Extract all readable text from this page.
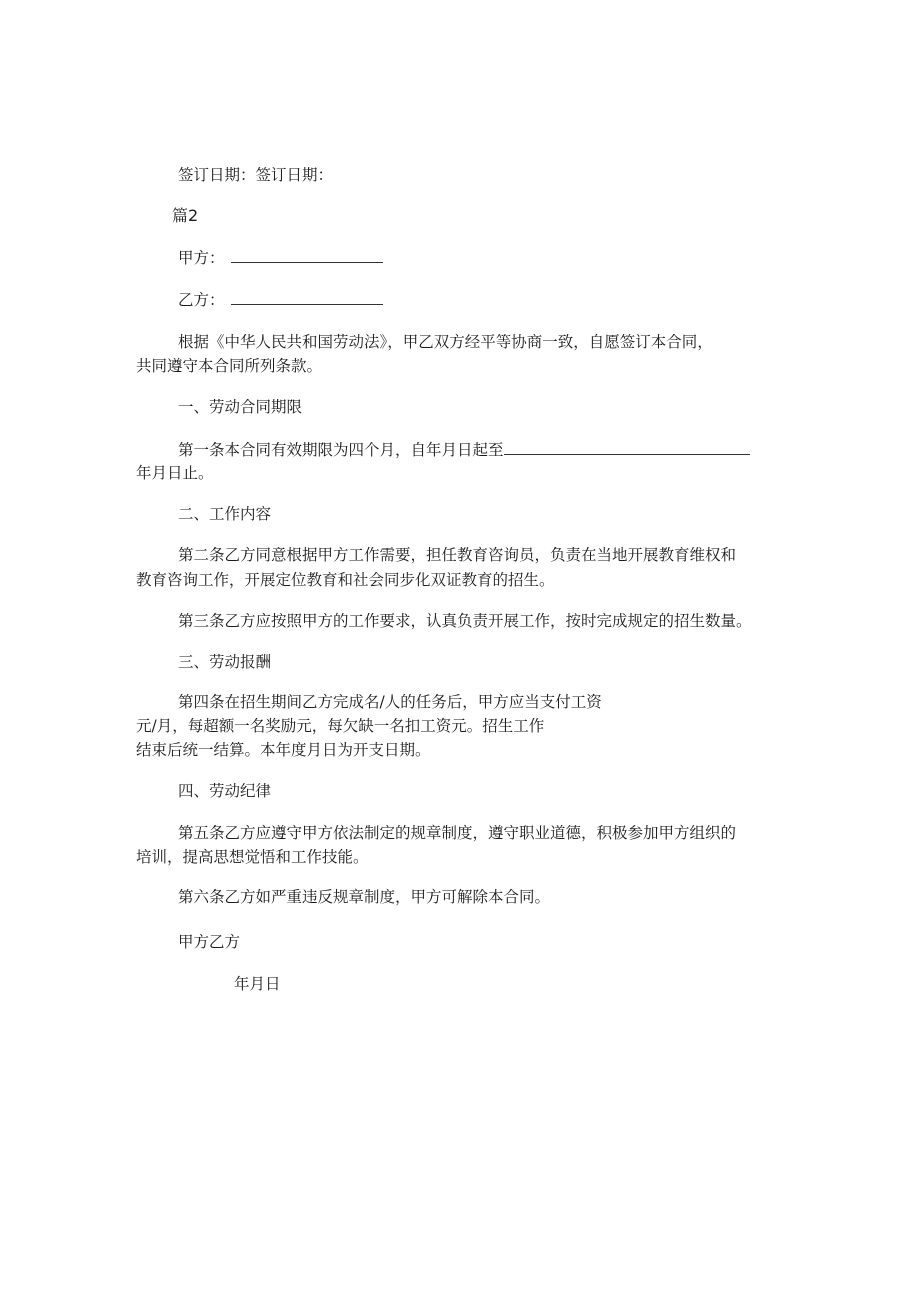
签订日期：签订日期：
篇2
甲方：
乙方：
根据《中华人民共和国劳动法》，甲乙双方经平等协商一致，自愿签订本合同，
共同遵守本合同所列条款。
一、劳动合同期限
第一条本合同有效期限为四个月，自年月日起至
年月日止。
二、工作内容
第二条乙方同意根据甲方工作需要，担任教育咨询员，负责在当地开展教育维权和
教育咨询工作，开展定位教育和社会同步化双证教育的招生。
第三条乙方应按照甲方的工作要求，认真负责开展工作，按时完成规定的招生数量。
三、劳动报酬
第四条在招生期间乙方完成名/人的任务后，甲方应当支付工资
元/月，每超额一名奖励元，每欠缺一名扣工资元。招生工作
结束后统一结算。本年度月日为开支日期。
四、劳动纪律
第五条乙方应遵守甲方依法制定的规章制度，遵守职业道德，积极参加甲方组织的
培训，提高思想觉悟和工作技能。
第六条乙方如严重违反规章制度，甲方可解除本合同。
甲方乙方
年月日
